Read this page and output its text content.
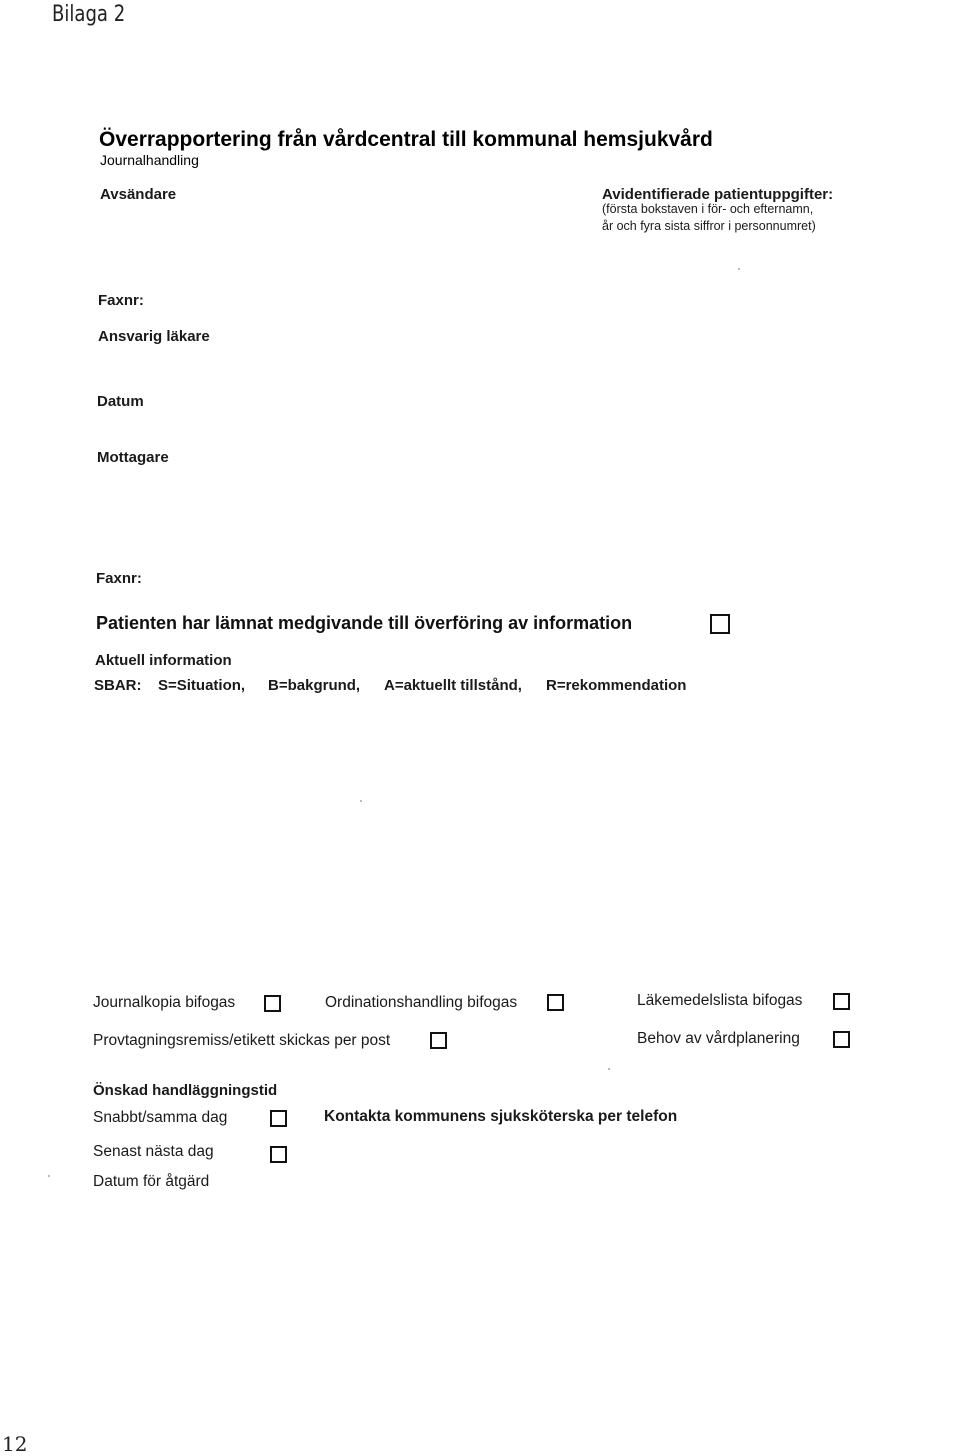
Bilaga 2
Överrapportering från vårdcentral till kommunal hemsjukvård
Journalhandling
Avsändare	Avidentifierade patientuppgifter:
(första bokstaven i för- och efternamn,
år och fyra sista siffror i personnumret)
Faxnr:
Ansvarig läkare
Datum
Mottagare
Faxnr:
Patienten har lämnat medgivande till överföring av information
Aktuell information
SBAR: S=Situation, B=bakgrund, A=aktuellt tillstånd, R=rekommendation
Journalkopia bifogas	Ordinationshandling bifogas	Läkemedelslista bifogas
Provtagningsremiss/etikett skickas per post	Behov av vårdplanering
Önskad handläggningstid
Snabbt/samma dag	Kontakta kommunens sjuksköterska per telefon
Senast nästa dag
Datum för åtgärd
12
